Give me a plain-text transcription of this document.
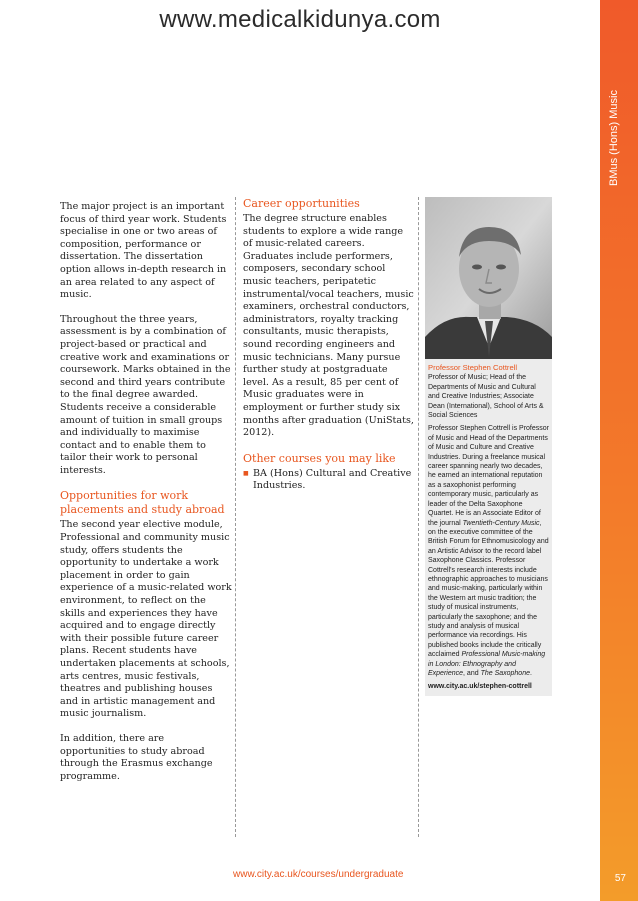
www.medicalkidunya.com
BMus (Hons) Music
57

The major project is an important focus of third year work. Students specialise in one or two areas of composition, performance or dissertation. The dissertation option allows in-depth research in an area related to any aspect of music.

Throughout the three years, assessment is by a combination of project-based or practical and creative work and examinations or coursework. Marks obtained in the second and third years contribute to the final degree awarded. Students receive a considerable amount of tuition in small groups and individually to maximise contact and to enable them to tailor their work to personal interests.

Opportunities for work placements and study abroad

The second year elective module, Professional and community music study, offers students the opportunity to undertake a work placement in order to gain experience of a music-related work environment, to reflect on the skills and experiences they have acquired and to engage directly with their possible future career plans. Recent students have undertaken placements at schools, arts centres, music festivals, theatres and publishing houses and in artistic management and music journalism.

In addition, there are opportunities to study abroad through the Erasmus exchange programme.

Career opportunities

The degree structure enables students to explore a wide range of music-related careers. Graduates include performers, composers, secondary school music teachers, peripatetic instrumental/vocal teachers, music examiners, orchestral conductors, administrators, royalty tracking consultants, music therapists, sound recording engineers and music technicians. Many pursue further study at postgraduate level. As a result, 85 per cent of Music graduates were in employment or further study six months after graduation (UniStats, 2012).

Other courses you may like
■ BA (Hons) Cultural and Creative Industries.
Professor Stephen Cottrell
Professor of Music; Head of the Departments of Music and Cultural and Creative Industries; Associate Dean (International), School of Arts & Social Sciences
Professor Stephen Cottrell is Professor of Music and Head of the Departments of Music and Culture and Creative Industries. During a freelance musical career spanning nearly two decades, he earned an international reputation as a saxophonist performing contemporary music, particularly as leader of the Delta Saxophone Quartet. He is an Associate Editor of the journal Twentieth-Century Music, on the executive committee of the British Forum for Ethnomusicology and an Artistic Advisor to the record label Saxophone Classics. Professor Cottrell's research interests include ethnographic approaches to musicians and music-making, particularly within the Western art music tradition; the study of musical instruments, particularly the saxophone; and the study and analysis of musical performance via recordings. His published books include the critically acclaimed Professional Music-making in London: Ethnography and Experience, and The Saxophone.
www.city.ac.uk/stephen-cottrell
www.city.ac.uk/courses/undergraduate
